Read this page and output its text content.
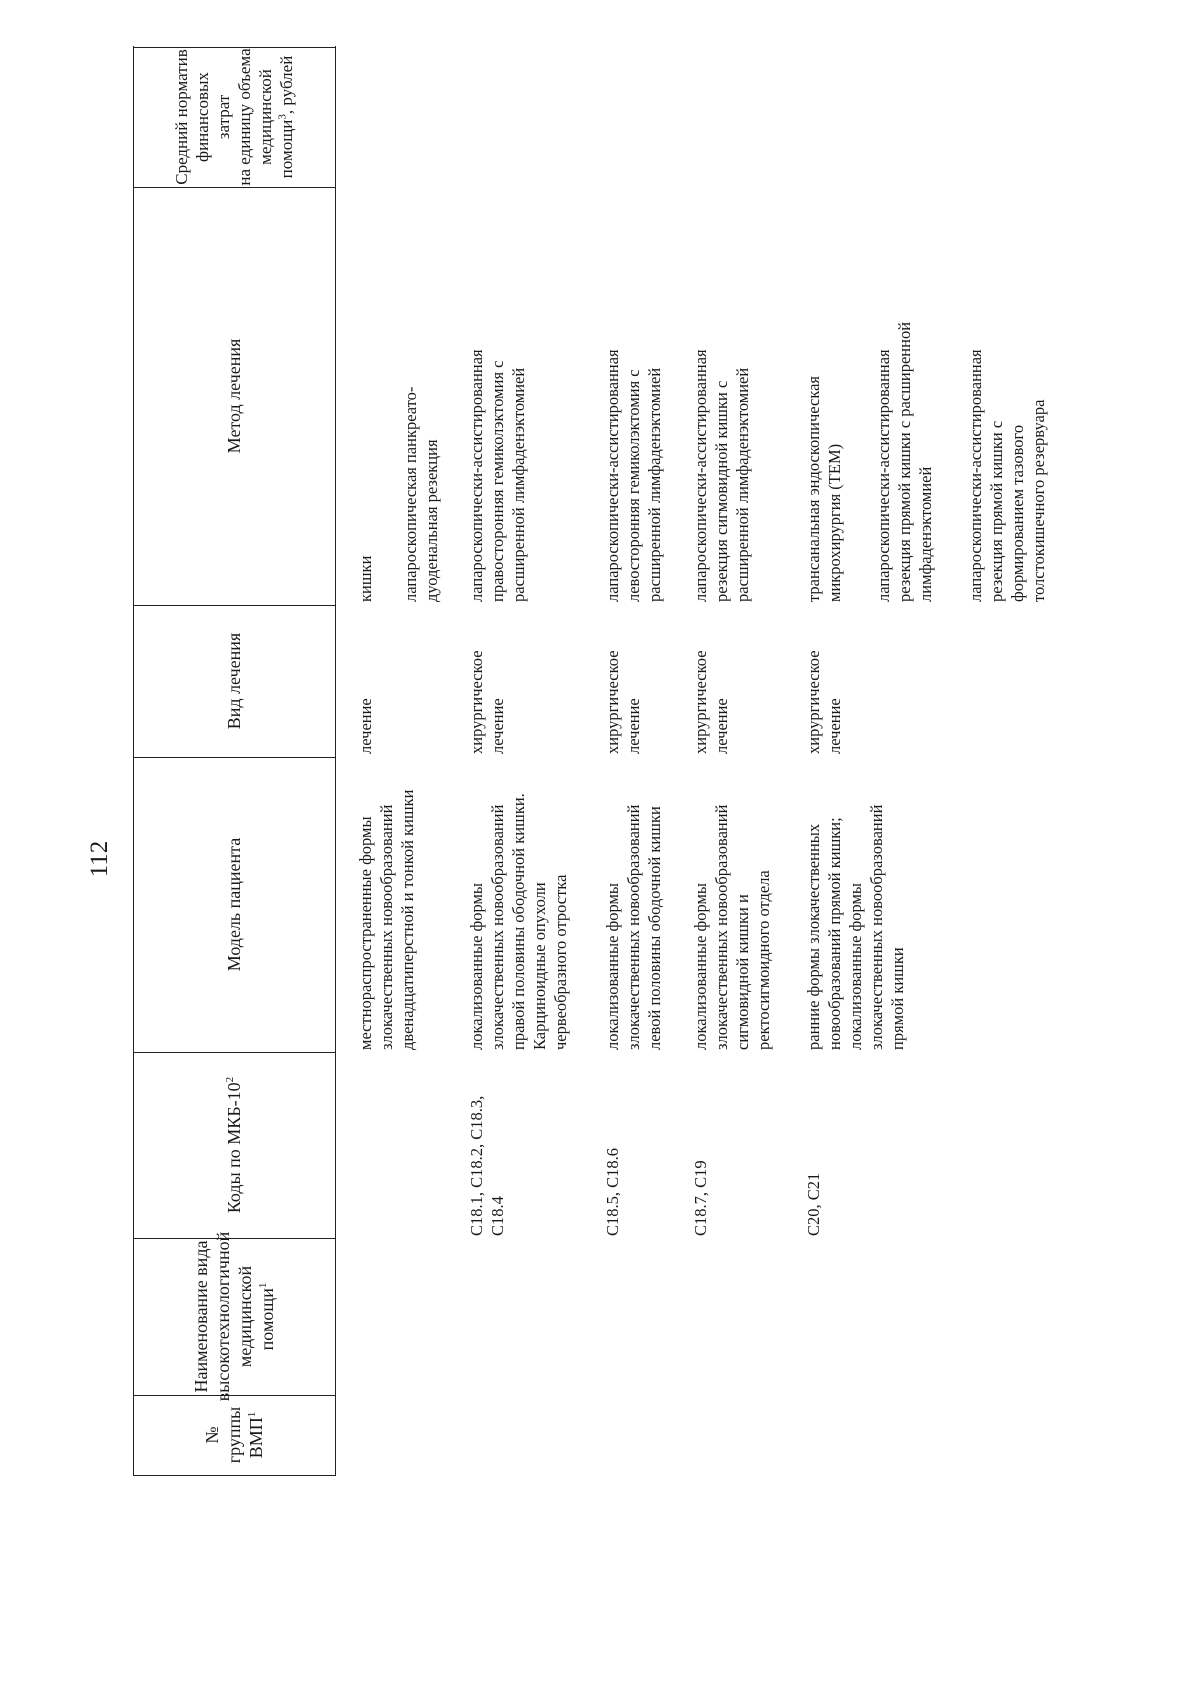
112
№
группы
ВМП$^1$
Наименование вида
высокотехнологичной
медицинской помощи$^1$
Коды по МКБ-$10^2$
Модель пациента
Вид лечения
Метод лечения
Средний норматив
финансовых затрат
на единицу объема
медицинской
помощи$^3$, рублей
местнораспространенные формы
злокачественных новообразований
двенадцатиперстной и тонкой кишки
лечение
кишки лапароскопическая панкреато-
дуоденальная резекция
C18.1, C18.2, C18.3,
C18.4
локализованные формы
злокачественных новообразований
правой половины ободочной кишки.
Карциноидные опухоли
червеобразного отростка
хирургическое
лечение
лапароскопически-ассистированная
правосторонняя гемиколэктомия с
расширенной лимфаденэктомией
C18.5, C18.6
локализованные формы
злокачественных новообразований
левой половины ободочной кишки
хирургическое
лечение
лапароскопически-ассистированная
левосторонняя гемиколэктомия с
расширенной лимфаденэктомией
C18.7, C19
локализованные формы
злокачественных новообразований
сигмовидной кишки и
ректосигмоидного отдела
хирургическое
лечение
лапароскопически-ассистированная
резекция сигмовидной кишки с
расширенной лимфаденэктомией
C20, C21
ранние формы злокачественных
новообразований прямой кишки;
локализованные формы
злокачественных новообразований
прямой кишки
хирургическое
лечение
трансанальная эндоскопическая
микрохирургия (TEM) лапароскопически-ассистированная
резекция прямой кишки с расширенной
лимфаденэктомией лапароскопически-ассистированная
резекция прямой кишки с
формированием тазового
толстокишечного резервуара
